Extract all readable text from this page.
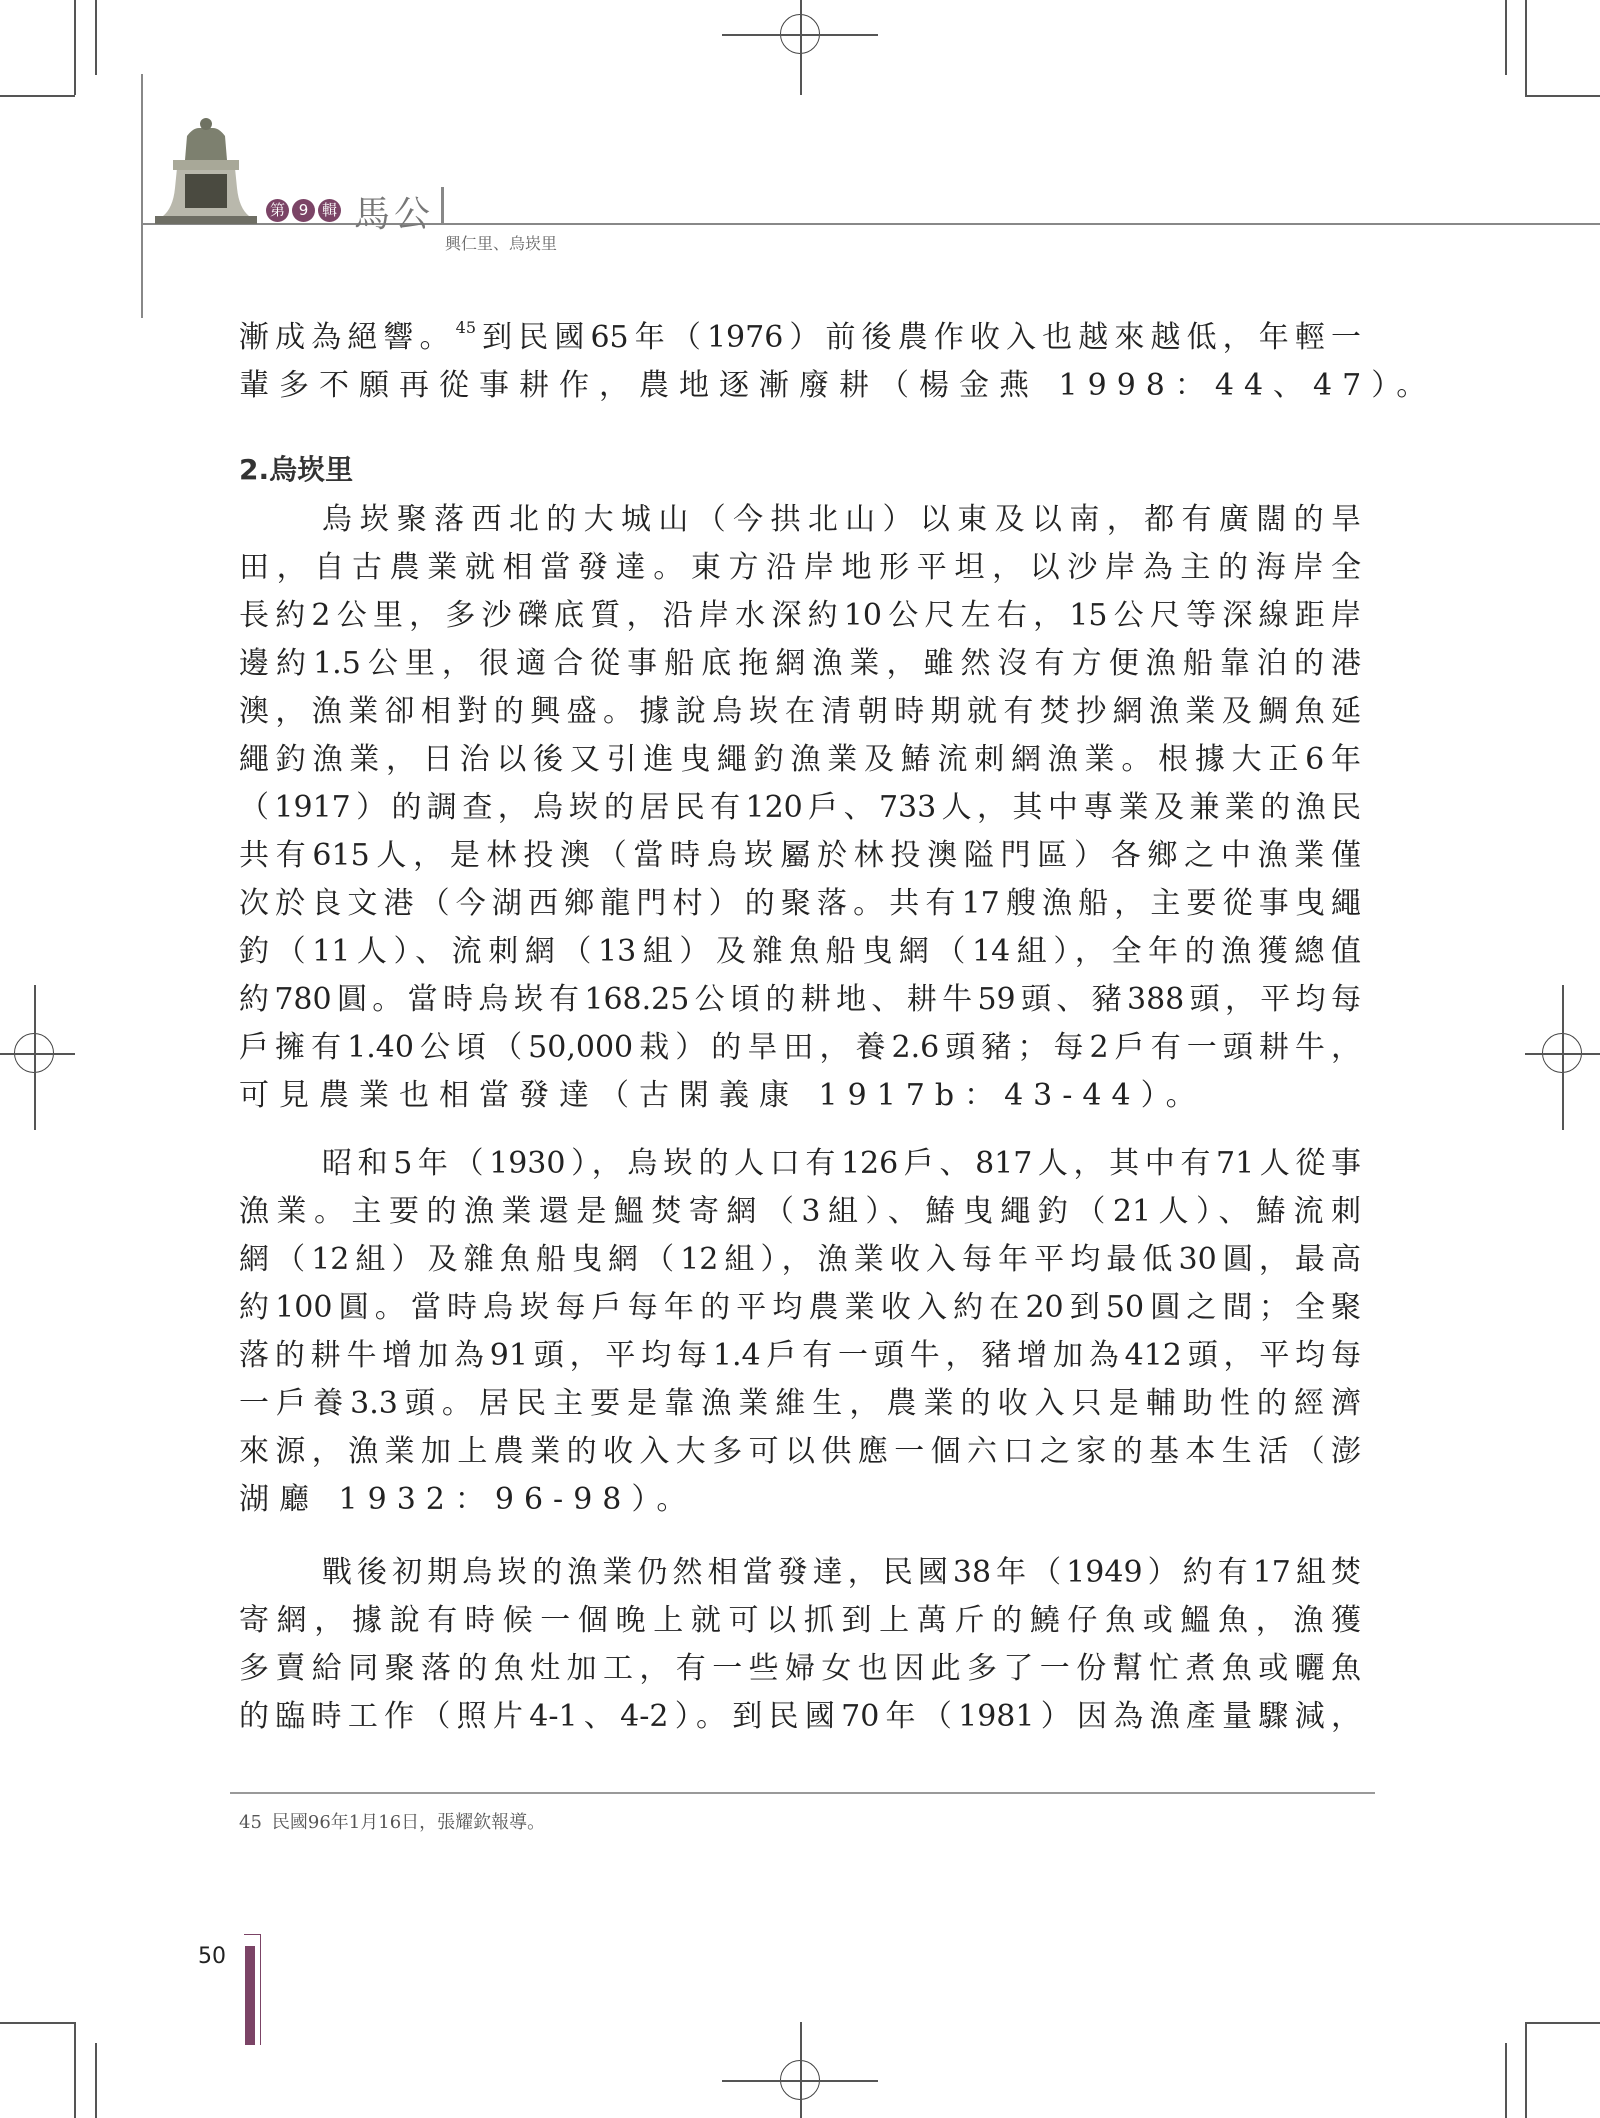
第 9 輯 馬公
興仁里、烏崁里
漸成為絕響。$^{45}$到民國65年（1976）前後農作收入也越來越低，年輕一
輩多不願再從事耕作，農地逐漸廢耕（楊金燕 1998：44、47）。
2.烏崁里
烏崁聚落西北的大城山（今拱北山）以東及以南，都有廣闊的旱
田，自古農業就相當發達。東方沿岸地形平坦，以沙岸為主的海岸全
長約2公里，多沙礫底質，沿岸水深約10公尺左右，15公尺等深線距岸
邊約1.5公里，很適合從事船底拖網漁業，雖然沒有方便漁船靠泊的港
澳，漁業卻相對的興盛。據說烏崁在清朝時期就有焚抄網漁業及鯛魚延
繩釣漁業，日治以後又引進曳繩釣漁業及鰆流刺網漁業。根據大正6年
（1917）的調查，烏崁的居民有120戶、733人，其中專業及兼業的漁民
共有615人，是林投澳（當時烏崁屬於林投澳隘門區）各鄉之中漁業僅
次於良文港（今湖西鄉龍門村）的聚落。共有17艘漁船，主要從事曳繩
釣（11人）、流刺網（13組）及雜魚船曳網（14組），全年的漁獲總值
約780圓。當時烏崁有168.25公頃的耕地、耕牛59頭、豬388頭，平均每
戶擁有1.40公頃（50,000栽）的旱田，養2.6頭豬；每2戶有一頭耕牛，
可見農業也相當發達（古閑義康 1917b：43-44）。
昭和5年（1930），烏崁的人口有126戶、817人，其中有71人從事
漁業。主要的漁業還是鰮焚寄網（3組）、鰆曳繩釣（21人）、鰆流刺
網（12組）及雜魚船曳網（12組），漁業收入每年平均最低30圓，最高
約100圓。當時烏崁每戶每年的平均農業收入約在20到50圓之間；全聚
落的耕牛增加為91頭，平均每1.4戶有一頭牛，豬增加為412頭，平均每
一戶養3.3頭。居民主要是靠漁業維生，農業的收入只是輔助性的經濟
來源，漁業加上農業的收入大多可以供應一個六口之家的基本生活（澎
湖廳 1932：96-98）。
戰後初期烏崁的漁業仍然相當發達，民國38年（1949）約有17組焚
寄網，據說有時候一個晚上就可以抓到上萬斤的鱙仔魚或鰮魚，漁獲
多賣給同聚落的魚灶加工，有一些婦女也因此多了一份幫忙煮魚或曬魚
的臨時工作（照片4-1、4-2）。到民國70年（1981）因為漁產量驟減，
45 民國96年1月16日，張耀欽報導。
50
